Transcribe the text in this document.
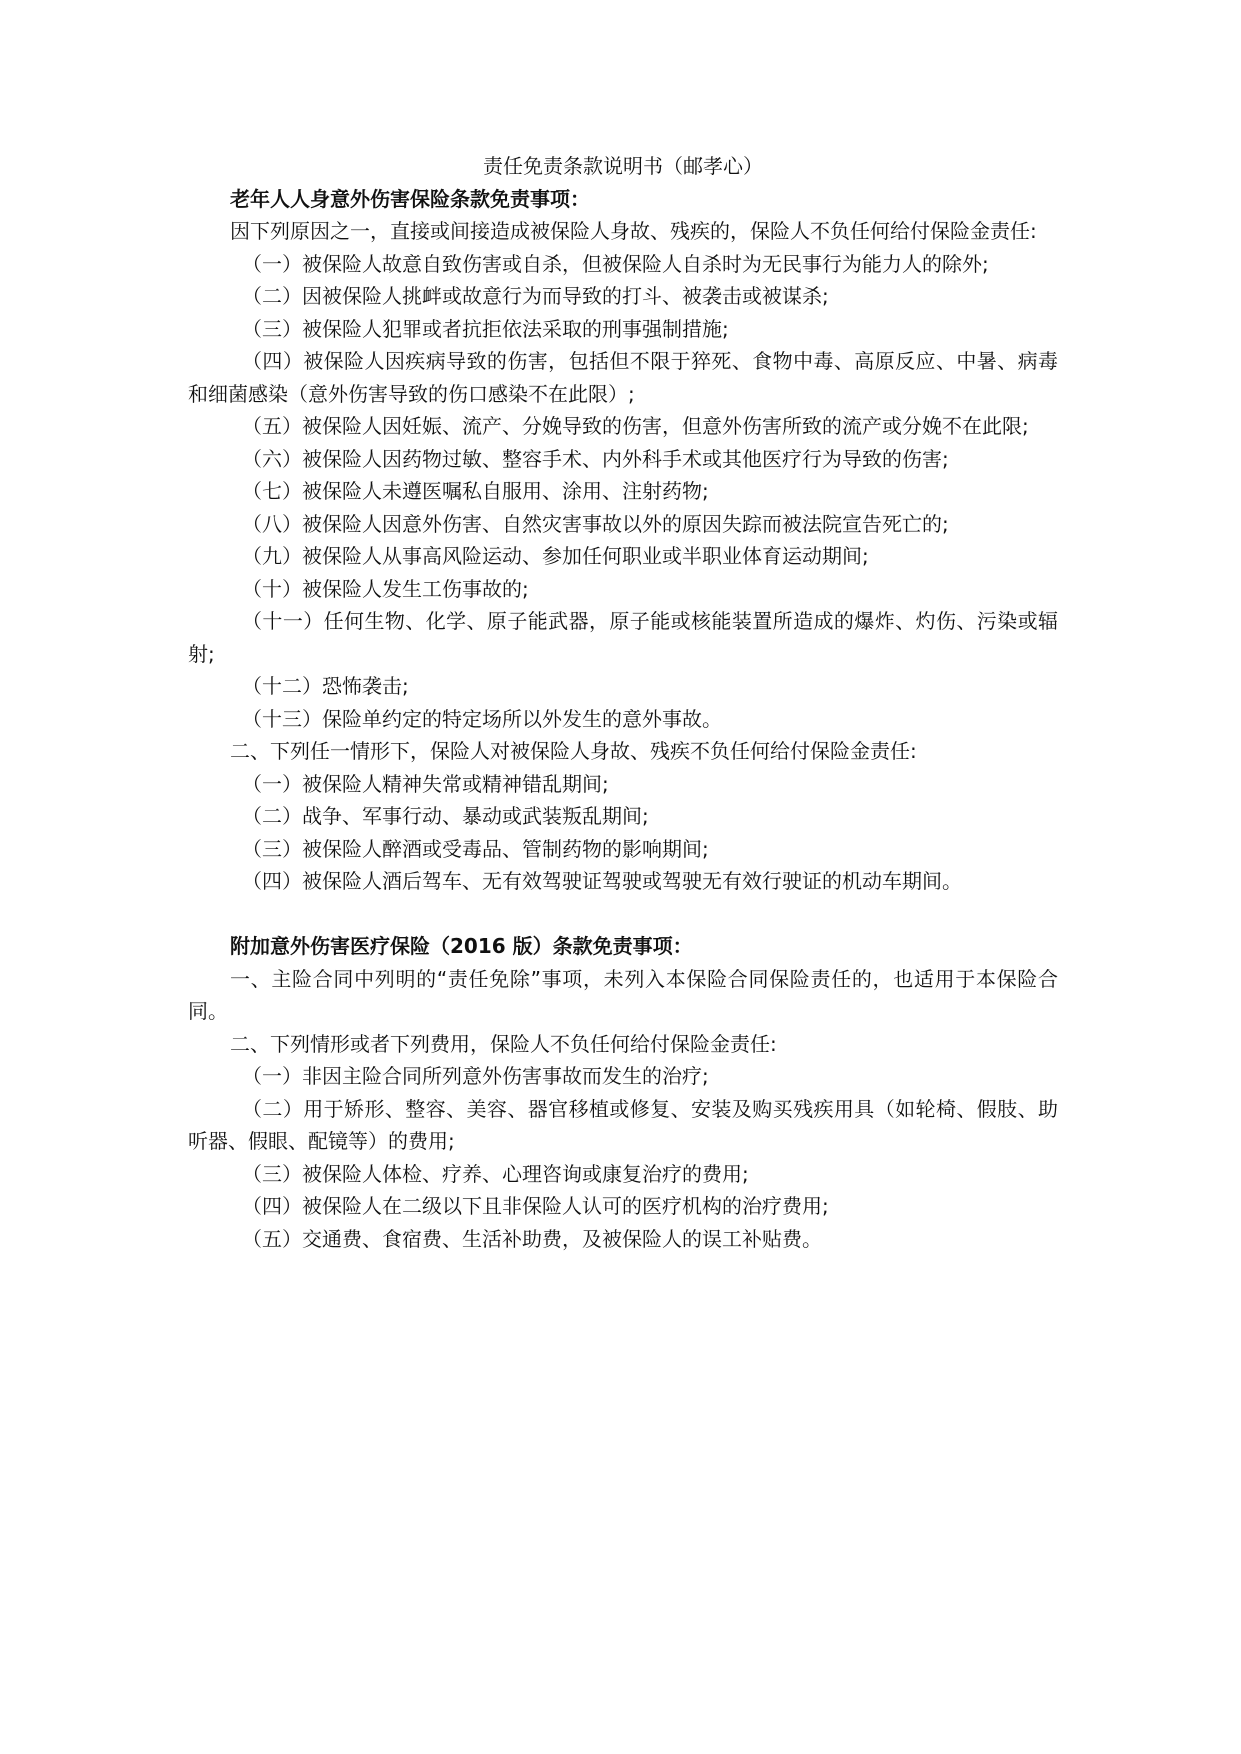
责任免责条款说明书（邮孝心）

老年人人身意外伤害保险条款免责事项：

因下列原因之一，直接或间接造成被保险人身故、残疾的，保险人不负任何给付保险金责任:

（一）被保险人故意自致伤害或自杀，但被保险人自杀时为无民事行为能力人的除外;

（二）因被保险人挑衅或故意行为而导致的打斗、被袭击或被谋杀;

（三）被保险人犯罪或者抗拒依法采取的刑事强制措施;

（四）被保险人因疾病导致的伤害，包括但不限于猝死、食物中毒、高原反应、中暑、病毒和细菌感染（意外伤害导致的伤口感染不在此限）;

（五）被保险人因妊娠、流产、分娩导致的伤害，但意外伤害所致的流产或分娩不在此限;

（六）被保险人因药物过敏、整容手术、内外科手术或其他医疗行为导致的伤害;

（七）被保险人未遵医嘱私自服用、涂用、注射药物;

（八）被保险人因意外伤害、自然灾害事故以外的原因失踪而被法院宣告死亡的;

（九）被保险人从事高风险运动、参加任何职业或半职业体育运动期间;

（十）被保险人发生工伤事故的;

（十一）任何生物、化学、原子能武器，原子能或核能装置所造成的爆炸、灼伤、污染或辐射;

（十二）恐怖袭击;

（十三）保险单约定的特定场所以外发生的意外事故。

二、下列任一情形下，保险人对被保险人身故、残疾不负任何给付保险金责任:

（一）被保险人精神失常或精神错乱期间;

（二）战争、军事行动、暴动或武装叛乱期间;

（三）被保险人醉酒或受毒品、管制药物的影响期间;

（四）被保险人酒后驾车、无有效驾驶证驾驶或驾驶无有效行驶证的机动车期间。

附加意外伤害医疗保险（2016 版）条款免责事项：

一、主险合同中列明的“责任免除”事项，未列入本保险合同保险责任的，也适用于本保险合同。

二、下列情形或者下列费用，保险人不负任何给付保险金责任:

（一）非因主险合同所列意外伤害事故而发生的治疗;

（二）用于矫形、整容、美容、器官移植或修复、安装及购买残疾用具（如轮椅、假肢、助听器、假眼、配镜等）的费用;

（三）被保险人体检、疗养、心理咨询或康复治疗的费用;

（四）被保险人在二级以下且非保险人认可的医疗机构的治疗费用;

（五）交通费、食宿费、生活补助费，及被保险人的误工补贴费。
